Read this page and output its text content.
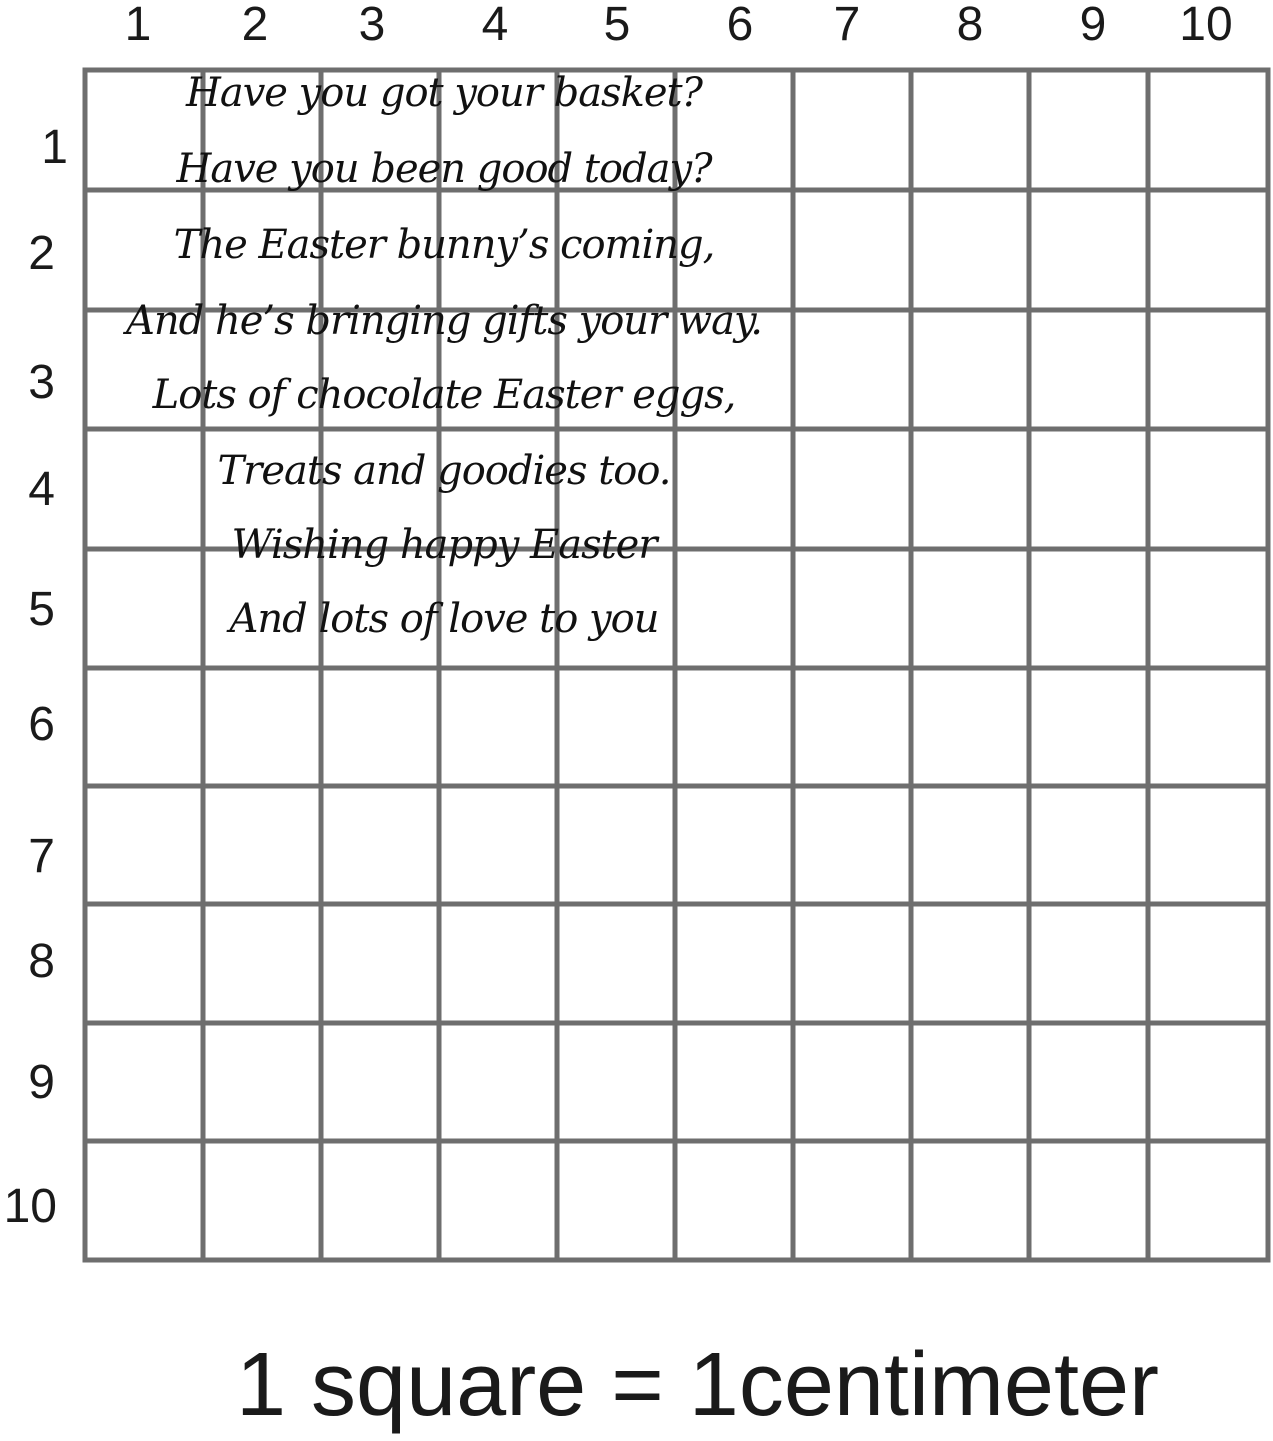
1	2	3	4	5	6	7	8	9	10
1
2
3
4
5
6
7
8
9
10
Have you got your basket?
Have you been good today?
The Easter bunny’s coming,
And he’s bringing gifts your way.
Lots of chocolate Easter eggs,
Treats and goodies too.
Wishing happy Easter
And lots of love to you
1 square = 1centimeter
